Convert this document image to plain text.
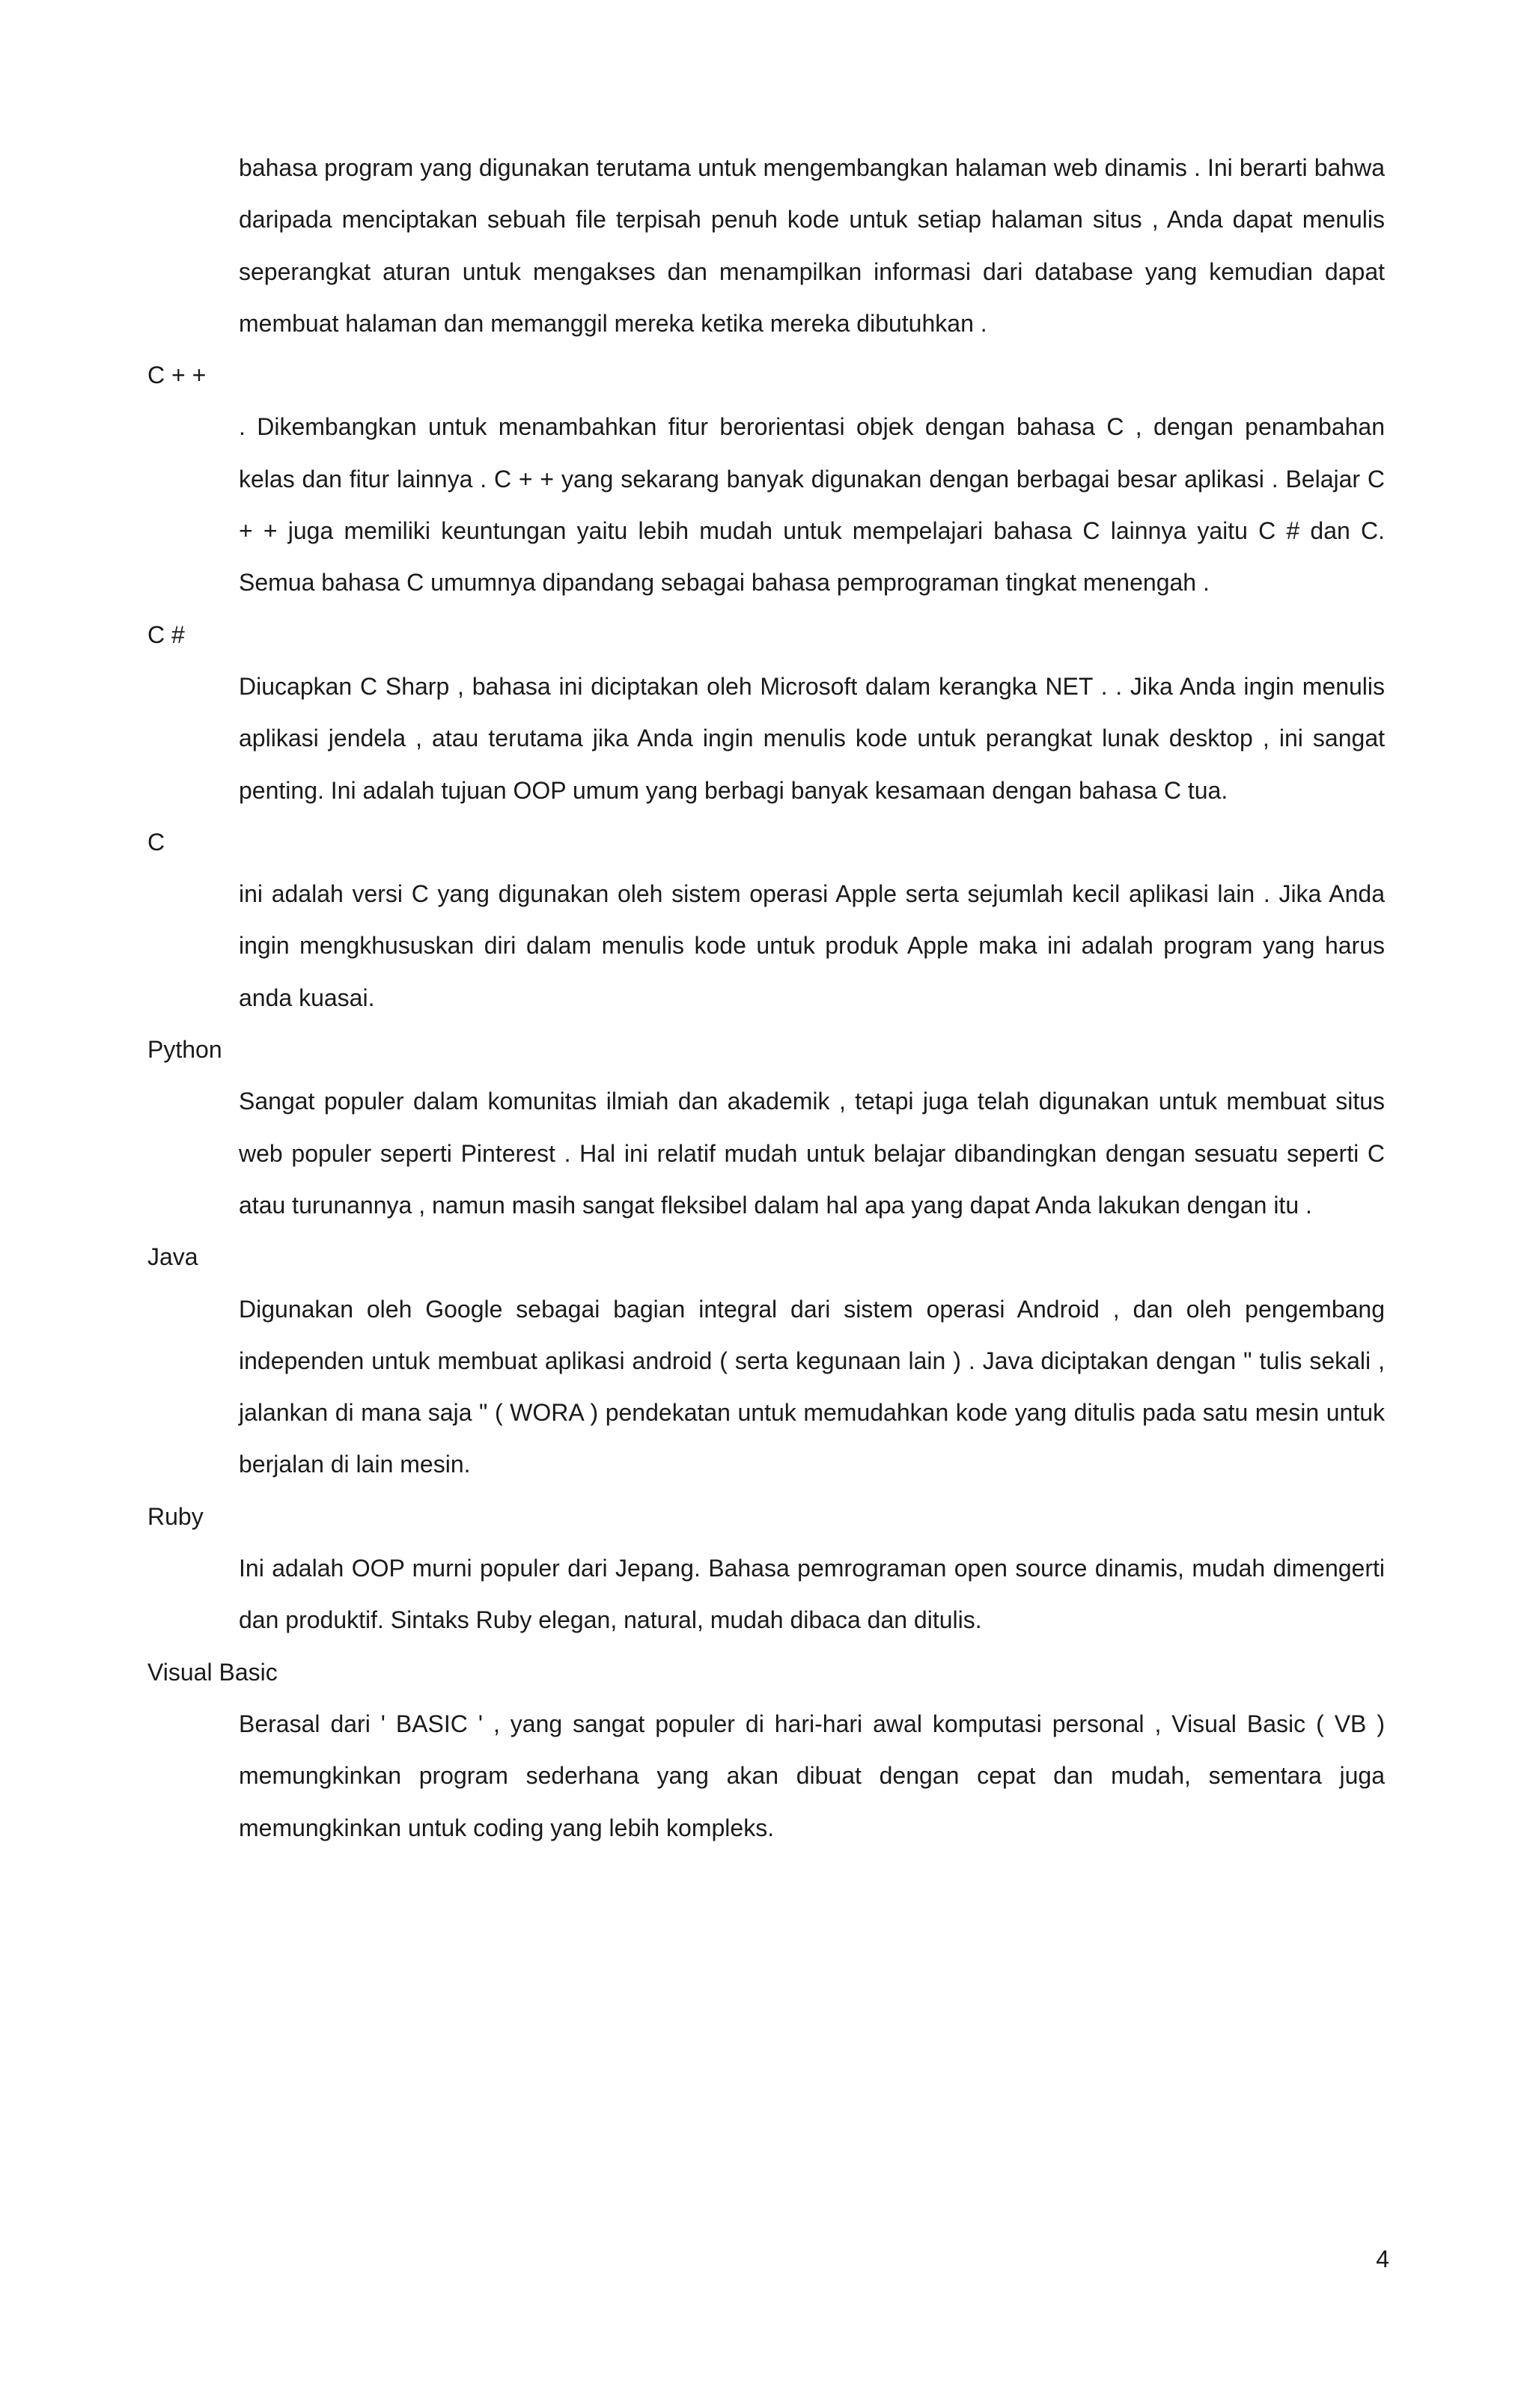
bahasa program yang digunakan terutama untuk mengembangkan halaman web dinamis . Ini berarti bahwa daripada menciptakan sebuah file terpisah penuh kode untuk setiap halaman situs , Anda dapat menulis seperangkat aturan untuk mengakses dan menampilkan informasi dari database yang kemudian dapat membuat halaman dan memanggil mereka ketika mereka dibutuhkan .

C + +

. Dikembangkan untuk menambahkan fitur berorientasi objek dengan bahasa C , dengan penambahan kelas dan fitur lainnya . C + + yang sekarang banyak digunakan dengan berbagai besar aplikasi . Belajar C + + juga memiliki keuntungan yaitu lebih mudah untuk mempelajari bahasa C lainnya yaitu C # dan C. Semua bahasa C umumnya dipandang sebagai bahasa pemprograman tingkat menengah .

C #

Diucapkan C Sharp , bahasa ini diciptakan oleh Microsoft dalam kerangka NET . . Jika Anda ingin menulis aplikasi jendela , atau terutama jika Anda ingin menulis kode untuk perangkat lunak desktop , ini sangat penting. Ini adalah tujuan OOP umum yang berbagi banyak kesamaan dengan bahasa C tua.

C

ini adalah versi C yang digunakan oleh sistem operasi Apple serta sejumlah kecil aplikasi lain . Jika Anda ingin mengkhususkan diri dalam menulis kode untuk produk Apple maka ini adalah program yang harus anda kuasai.

Python

Sangat populer dalam komunitas ilmiah dan akademik , tetapi juga telah digunakan untuk membuat situs web populer seperti Pinterest . Hal ini relatif mudah untuk belajar dibandingkan dengan sesuatu seperti C atau turunannya , namun masih sangat fleksibel dalam hal apa yang dapat Anda lakukan dengan itu .

Java

Digunakan oleh Google sebagai bagian integral dari sistem operasi Android , dan oleh pengembang independen untuk membuat aplikasi android ( serta kegunaan lain ) . Java diciptakan dengan " tulis sekali , jalankan di mana saja " ( WORA ) pendekatan untuk memudahkan kode yang ditulis pada satu mesin untuk berjalan di lain mesin.

Ruby

Ini adalah OOP murni populer dari Jepang. Bahasa pemrograman open source dinamis, mudah dimengerti dan produktif. Sintaks Ruby elegan, natural, mudah dibaca dan ditulis.

Visual Basic

Berasal dari ' BASIC ' , yang sangat populer di hari-hari awal komputasi personal , Visual Basic ( VB ) memungkinkan program sederhana yang akan dibuat dengan cepat dan mudah, sementara juga memungkinkan untuk coding yang lebih kompleks.

4
